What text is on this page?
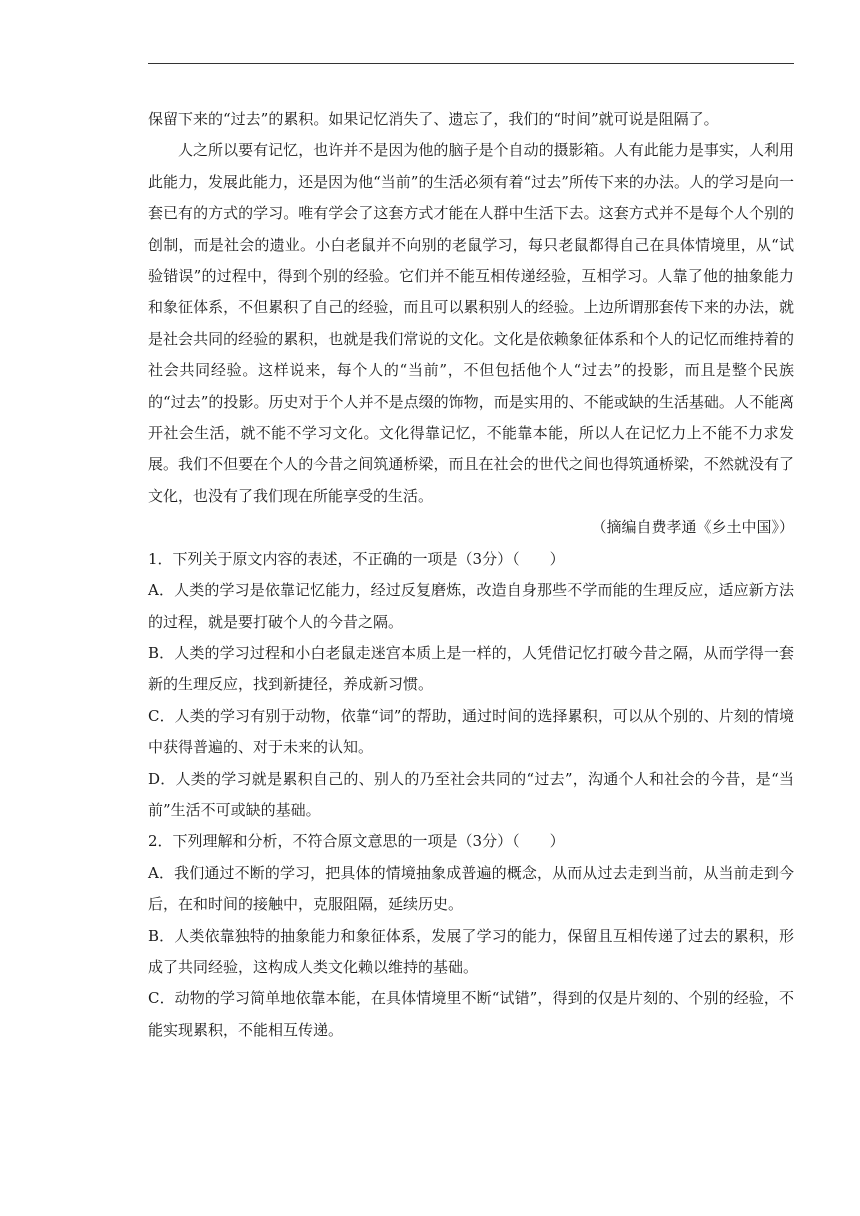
保留下来的“过去”的累积。如果记忆消失了、遗忘了，我们的“时间”就可说是阻隔了。

人之所以要有记忆，也许并不是因为他的脑子是个自动的摄影箱。人有此能力是事实，人利用此能力，发展此能力，还是因为他“当前”的生活必须有着“过去”所传下来的办法。人的学习是向一套已有的方式的学习。唯有学会了这套方式才能在人群中生活下去。这套方式并不是每个人个别的创制，而是社会的遗业。小白老鼠并不向别的老鼠学习，每只老鼠都得自己在具体情境里，从“试验错误”的过程中，得到个别的经验。它们并不能互相传递经验，互相学习。人靠了他的抽象能力和象征体系，不但累积了自己的经验，而且可以累积别人的经验。上边所谓那套传下来的办法，就是社会共同的经验的累积，也就是我们常说的文化。文化是依赖象征体系和个人的记忆而维持着的社会共同经验。这样说来，每个人的“当前”，不但包括他个人“过去”的投影，而且是整个民族的“过去”的投影。历史对于个人并不是点缀的饰物，而是实用的、不能或缺的生活基础。人不能离开社会生活，就不能不学习文化。文化得靠记忆，不能靠本能，所以人在记忆力上不能不力求发展。我们不但要在个人的今昔之间筑通桥梁，而且在社会的世代之间也得筑通桥梁，不然就没有了文化，也没有了我们现在所能享受的生活。

（摘编自费孝通《乡土中国》）

1．下列关于原文内容的表述，不正确的一项是（3分）（　　）

A．人类的学习是依靠记忆能力，经过反复磨炼，改造自身那些不学而能的生理反应，适应新方法的过程，就是要打破个人的今昔之隔。

B．人类的学习过程和小白老鼠走迷宫本质上是一样的，人凭借记忆打破今昔之隔，从而学得一套新的生理反应，找到新捷径，养成新习惯。

C．人类的学习有别于动物，依靠“词”的帮助，通过时间的选择累积，可以从个别的、片刻的情境中获得普遍的、对于未来的认知。

D．人类的学习就是累积自己的、别人的乃至社会共同的“过去”，沟通个人和社会的今昔，是“当前”生活不可或缺的基础。

2．下列理解和分析，不符合原文意思的一项是（3分）（　　）

A．我们通过不断的学习，把具体的情境抽象成普遍的概念，从而从过去走到当前，从当前走到今后，在和时间的接触中，克服阻隔，延续历史。

B．人类依靠独特的抽象能力和象征体系，发展了学习的能力，保留且互相传递了过去的累积，形成了共同经验，这构成人类文化赖以维持的基础。

C．动物的学习简单地依靠本能，在具体情境里不断“试错”，得到的仅是片刻的、个别的经验，不能实现累积，不能相互传递。
